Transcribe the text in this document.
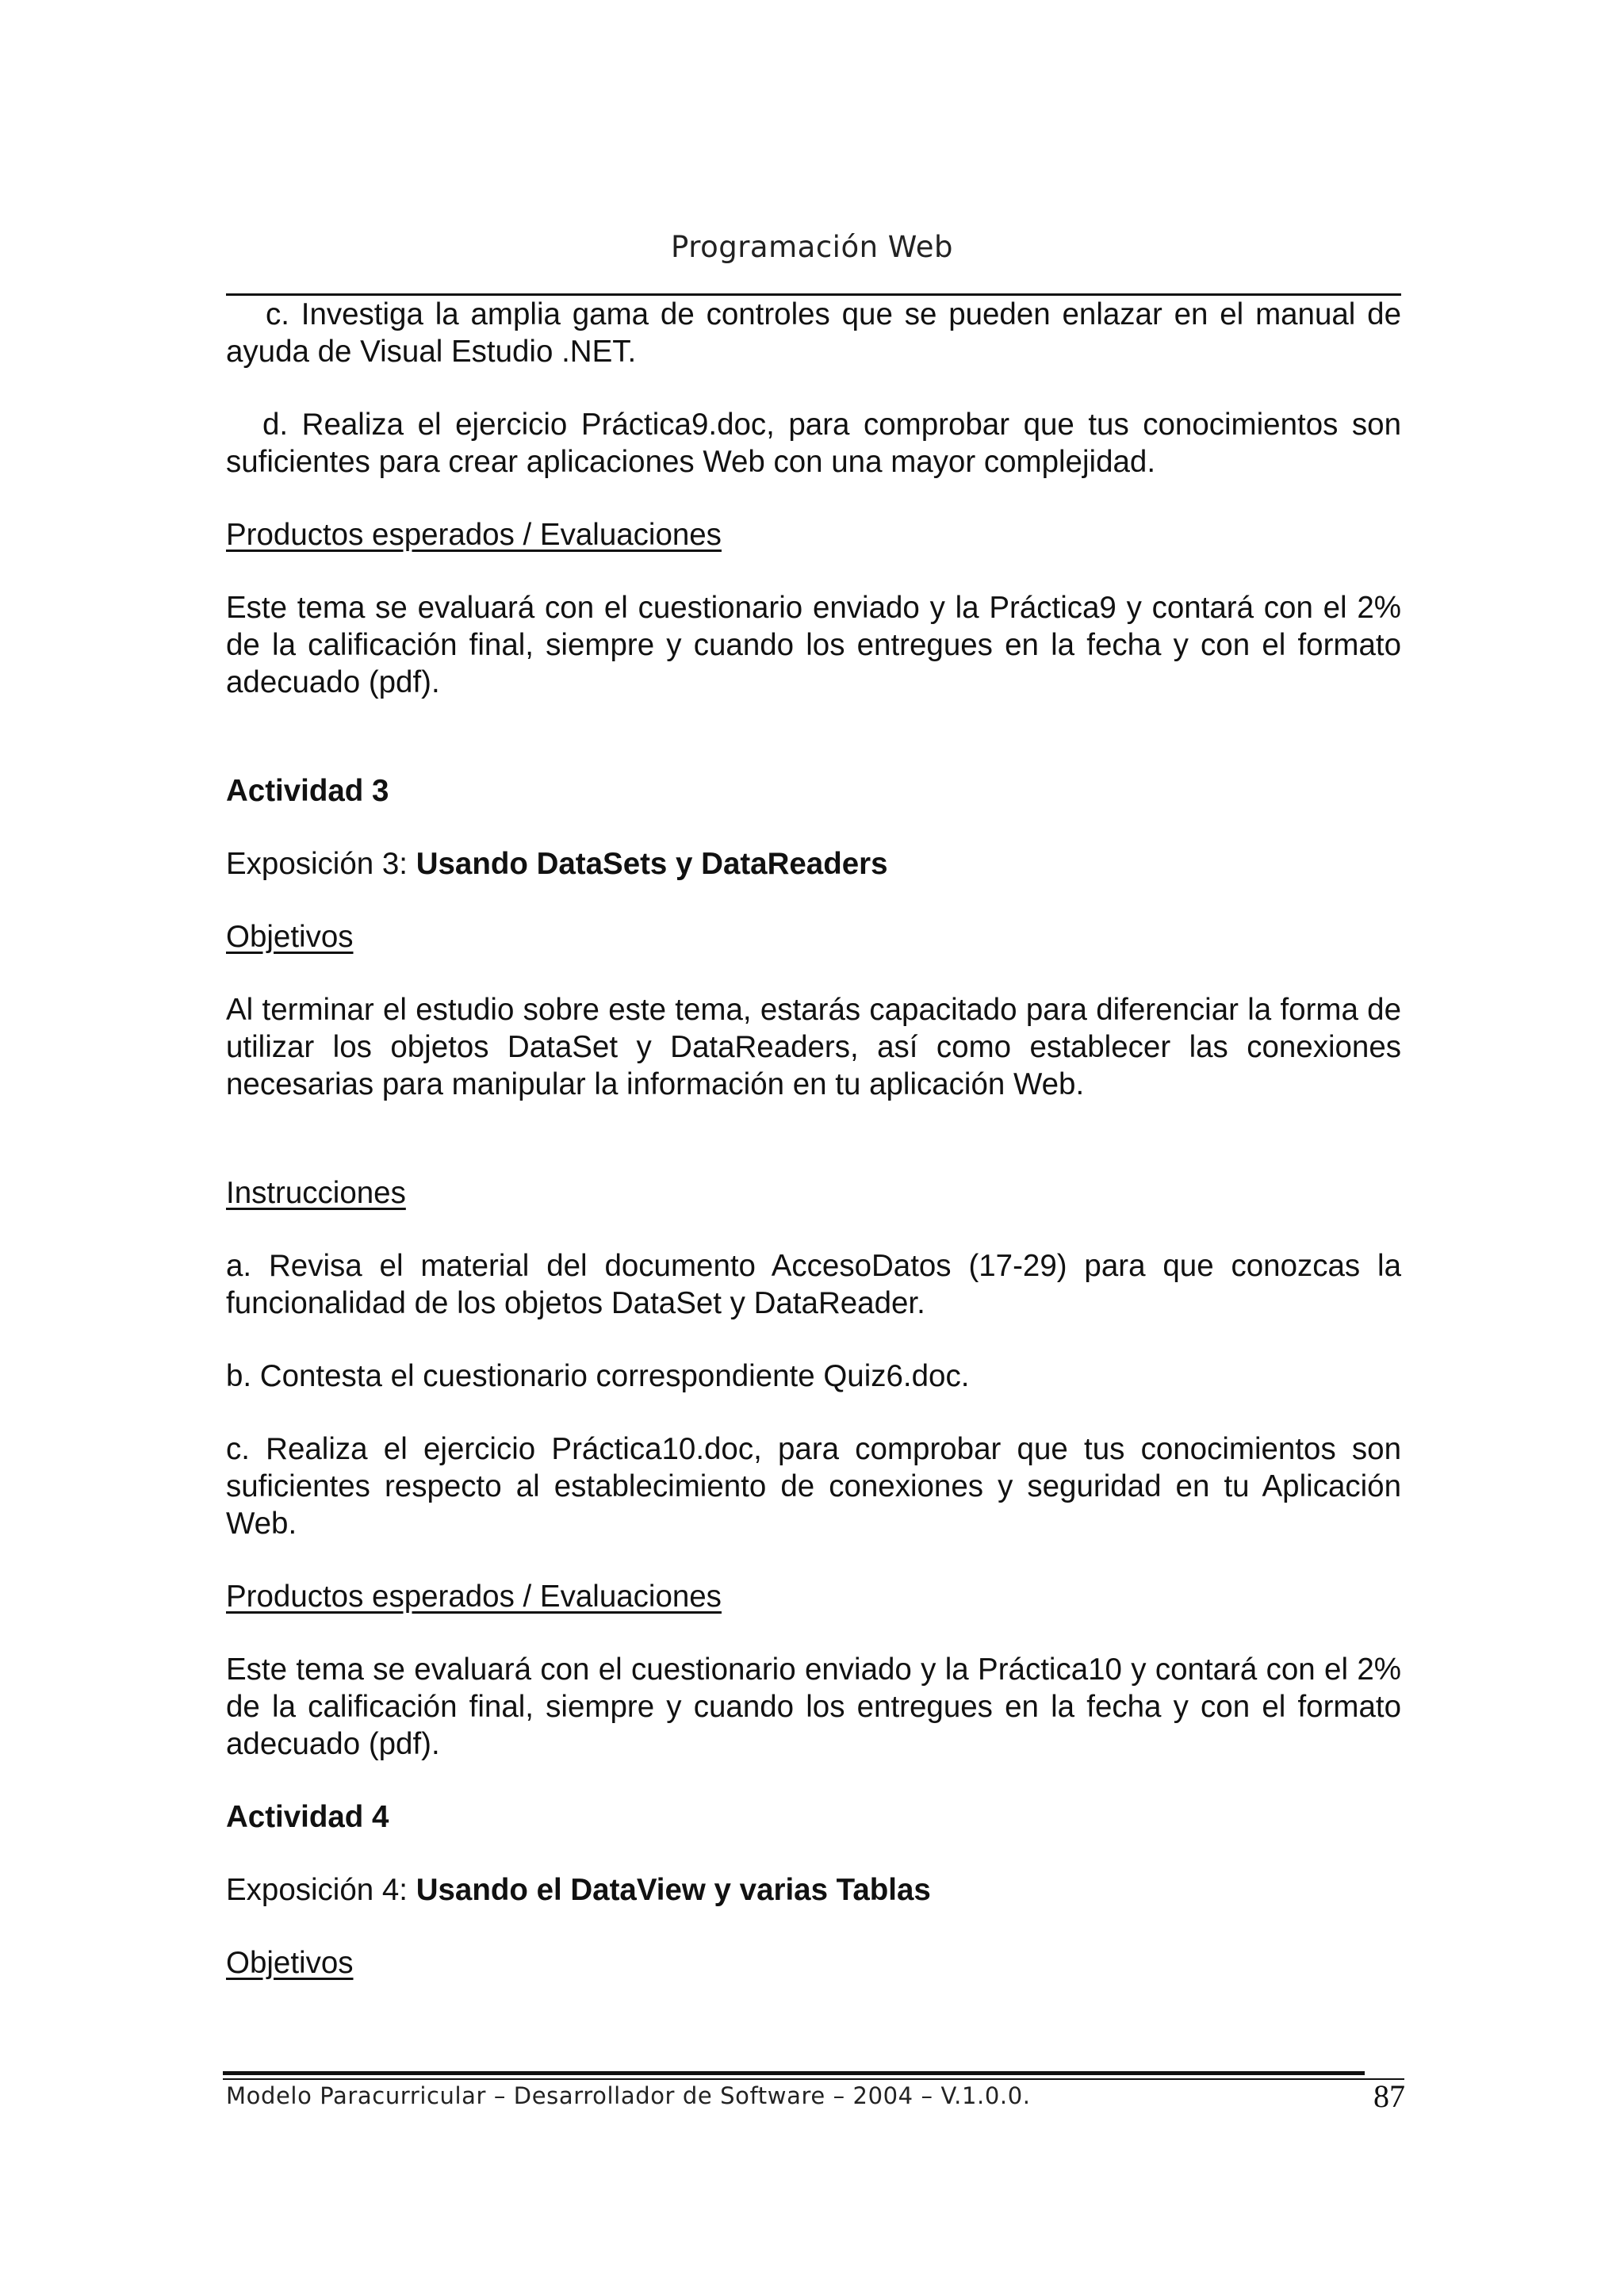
Programación Web

c. Investiga la amplia gama de controles que se pueden enlazar en el manual de ayuda de Visual Estudio .NET.

d. Realiza el ejercicio Práctica9.doc, para comprobar que tus conocimientos son suficientes para crear aplicaciones Web con una mayor complejidad.

Productos esperados / Evaluaciones

Este tema se evaluará con el cuestionario enviado y la Práctica9 y contará con el 2% de la calificación final, siempre y cuando los entregues en la fecha y con el formato adecuado (pdf).

Actividad 3

Exposición 3: Usando DataSets y DataReaders

Objetivos

Al terminar el estudio sobre este tema, estarás capacitado para diferenciar la forma de utilizar los objetos DataSet y DataReaders, así como establecer las conexiones necesarias para manipular la información en tu aplicación Web.

Instrucciones

a. Revisa el material del documento AccesoDatos (17-29) para que conozcas la funcionalidad de los objetos DataSet y DataReader.

b. Contesta el cuestionario correspondiente Quiz6.doc.

c. Realiza el ejercicio Práctica10.doc, para comprobar que tus conocimientos son suficientes respecto al establecimiento de conexiones y seguridad en tu Aplicación Web.

Productos esperados / Evaluaciones

Este tema se evaluará con el cuestionario enviado y la Práctica10 y contará con el 2% de la calificación final, siempre y cuando los entregues en la fecha y con el formato adecuado (pdf).

Actividad 4

Exposición 4: Usando el DataView y varias Tablas

Objetivos

Modelo Paracurricular – Desarrollador de Software – 2004 – V.1.0.0.	87
